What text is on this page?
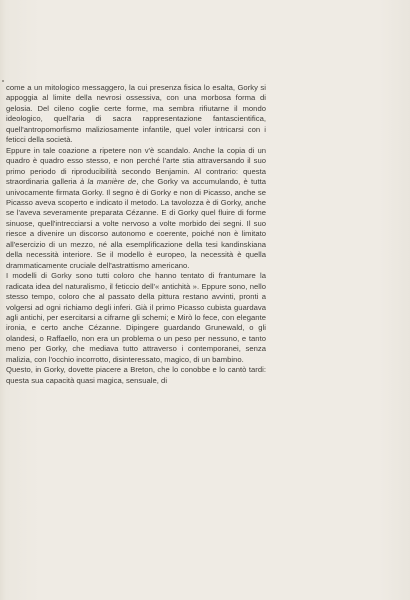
come a un mitologico messaggero, la cui presenza fisica lo esalta, Gorky si appoggia al limite della nevrosi ossessiva, con una morbosa forma di gelosia. Del cileno coglie certe forme, ma sembra rifiutarne il mondo ideologico, quell'aria di sacra rappresentazione fantascientifica, quell'antropomorfismo maliziosamente infantile, quel voler intricarsi con i feticci della società.

Eppure in tale coazione a ripetere non v'è scandalo. Anche la copia di un quadro è quadro esso stesso, e non perché l'arte stia attraversando il suo primo periodo di riproducibilità secondo Benjamin. Al contrario: questa straordinaria galleria à la manière de, che Gorky va accumulando, è tutta univocamente firmata Gorky. Il segno è di Gorky e non di Picasso, anche se Picasso aveva scoperto e indicato il metodo. La tavolozza è di Gorky, anche se l'aveva severamente preparata Cézanne. E di Gorky quel fluire di forme sinuose, quell'intrecciarsi a volte nervoso a volte morbido dei segni. Il suo riesce a divenire un discorso autonomo e coerente, poiché non è limitato all'esercizio di un mezzo, né alla esemplificazione della tesi kandinskiana della necessità interiore. Se il modello è europeo, la necessità è quella drammaticamente cruciale dell'astrattismo americano.

I modelli di Gorky sono tutti coloro che hanno tentato di frantumare la radicata idea del naturalismo, il feticcio dell'« antichità ». Eppure sono, nello stesso tempo, coloro che al passato della pittura restano avvinti, pronti a volgersi ad ogni richiamo degli inferi. Già il primo Picasso cubista guardava agli antichi, per esercitarsi a cifrarne gli schemi; e Mirò lo fece, con elegante ironia, e certo anche Cézanne. Dipingere guardando Grunewald, o gli olandesi, o Raffaello, non era un problema o un peso per nessuno, e tanto meno per Gorky, che mediava tutto attraverso i contemporanei, senza malizia, con l'occhio incorrotto, disinteressato, magico, di un bambino.

Questo, in Gorky, dovette piacere a Breton, che lo conobbe e lo cantò tardi: questa sua capacità quasi magica, sensuale, di
